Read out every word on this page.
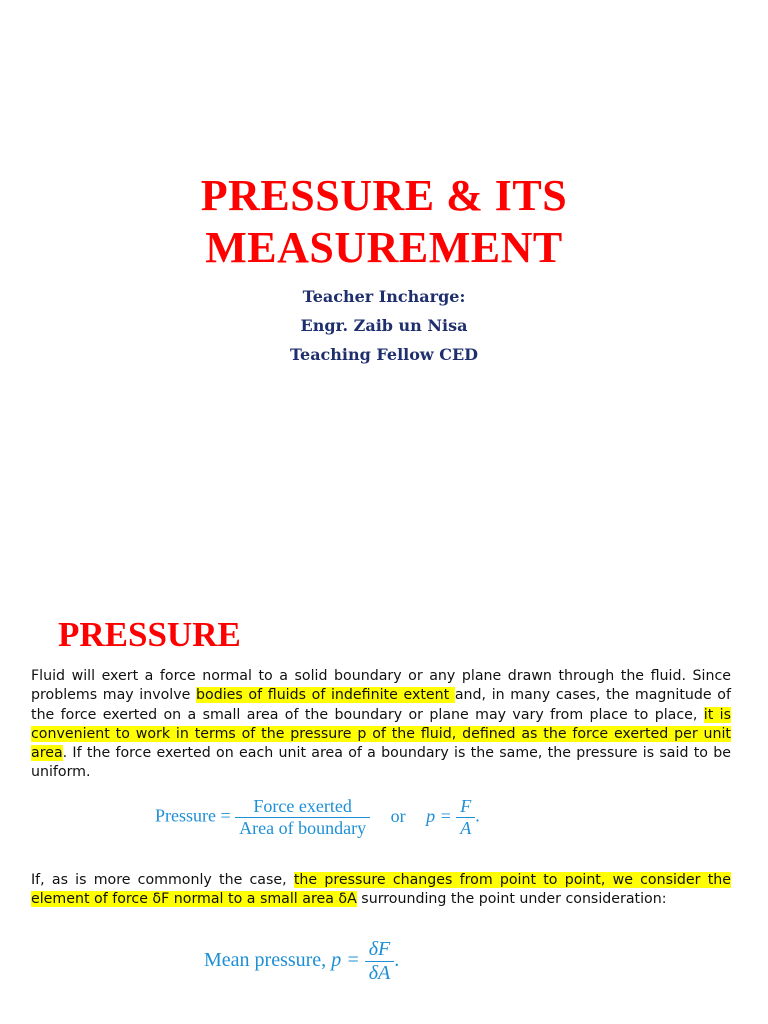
PRESSURE & ITS
MEASUREMENT
Teacher Incharge:
Engr. Zaib un Nisa
Teaching Fellow CED
PRESSURE
Fluid will exert a force normal to a solid boundary or any plane drawn through the fluid. Since problems may involve bodies of fluids of indefinite extent and, in many cases, the magnitude of the force exerted on a small area of the boundary or plane may vary from place to place, it is convenient to work in terms of the pressure p of the fluid, defined as the force exerted per unit area. If the force exerted on each unit area of a boundary is the same, the pressure is said to be uniform.
Pressure = $\frac{\text{Force exerted}}{\text{Area of boundary}}$ or $p = \frac{F}{A}$ .
If, as is more commonly the case, the pressure changes from point to point, we consider the element of force δF normal to a small area δA surrounding the point under consideration:
Mean pressure, $p = \frac{\delta F}{\delta A}$ .
